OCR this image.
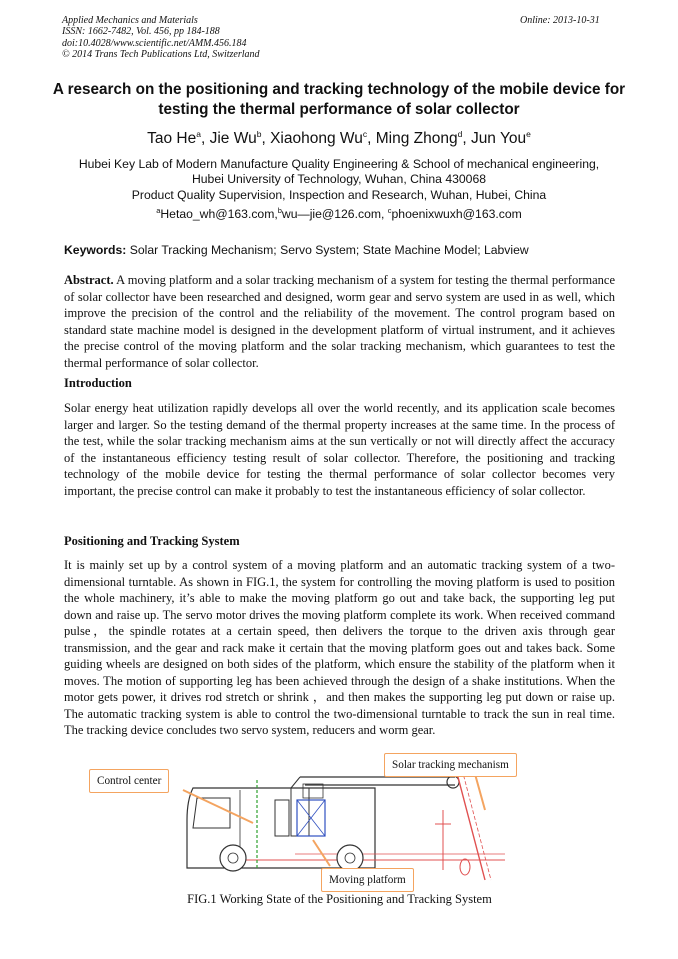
Applied Mechanics and Materials
ISSN: 1662-7482, Vol. 456, pp 184-188
doi:10.4028/www.scientific.net/AMM.456.184
© 2014 Trans Tech Publications Ltd, Switzerland
Online: 2013-10-31
A research on the positioning and tracking technology of the mobile device for testing the thermal performance of solar collector
Tao He$^a$, Jie Wu$^b$, Xiaohong Wu$^c$, Ming Zhong$^d$, Jun You$^e$
Hubei Key Lab of Modern Manufacture Quality Engineering & School of mechanical engineering,
Hubei University of Technology, Wuhan, China 430068
Product Quality Supervision, Inspection and Research, Wuhan, Hubei, China
$^a$Hetao_wh@163.com,$^b$wu—jie@126.com, $^c$phoenixwuxh@163.com
Keywords: Solar Tracking Mechanism; Servo System; State Machine Model; Labview

Abstract. A moving platform and a solar tracking mechanism of a system for testing the thermal performance of solar collector have been researched and designed, worm gear and servo system are used in as well, which improve the precision of the control and the reliability of the movement. The control program based on standard state machine model is designed in the development platform of virtual instrument, and it achieves the precise control of the moving platform and the solar tracking mechanism, which guarantees to test the thermal performance of solar collector.

Introduction

Solar energy heat utilization rapidly develops all over the world recently, and its application scale becomes larger and larger. So the testing demand of the thermal property increases at the same time. In the process of the test, while the solar tracking mechanism aims at the sun vertically or not will directly affect the accuracy of the instantaneous efficiency testing result of solar collector. Therefore, the positioning and tracking technology of the mobile device for testing the thermal performance of solar collector becomes very important, the precise control can make it probably to test the instantaneous efficiency of solar collector.

Positioning and Tracking System

It is mainly set up by a control system of a moving platform and an automatic tracking system of a two-dimensional turntable. As shown in FIG.1, the system for controlling the moving platform is used to position the whole machinery, it’s able to make the moving platform go out and take back, the supporting leg put down and raise up. The servo motor drives the moving platform complete its work. When received command pulse，the spindle rotates at a certain speed, then delivers the torque to the driven axis through gear transmission, and the gear and rack make it certain that the moving platform goes out and takes back. Some guiding wheels are designed on both sides of the platform, which ensure the stability of the platform when it moves. The motion of supporting leg has been achieved through the design of a shake institutions. When the motor gets power, it drives rod stretch or shrink ，and then makes the supporting leg put down or raise up. The automatic tracking system is able to control the two-dimensional turntable to track the sun in real time. The tracking device concludes two servo system, reducers and worm gear.

Control center
Solar tracking mechanism
Moving platform
FIG.1 Working State of the Positioning and Tracking System
